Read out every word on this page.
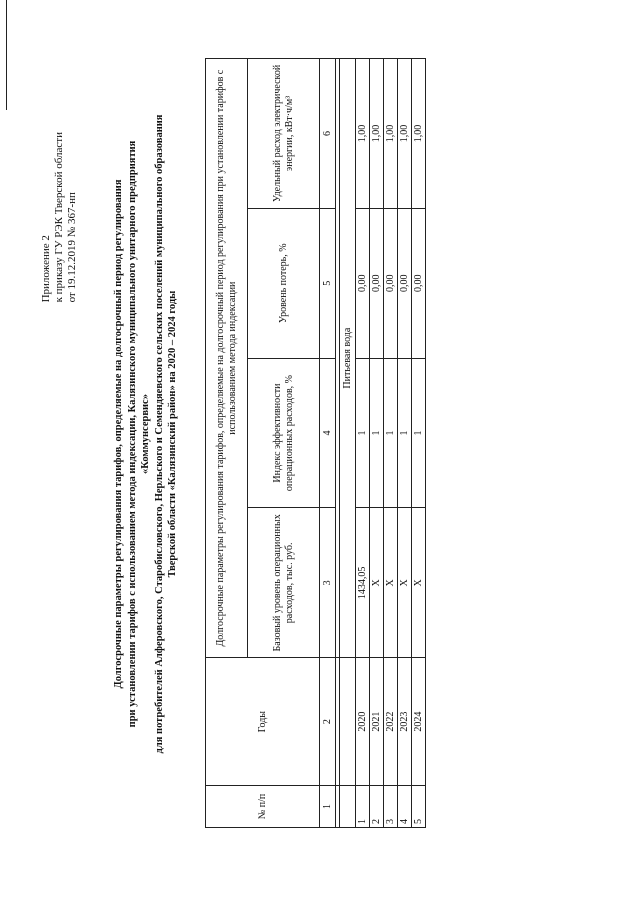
Приложение 2 к приказу ГУ РЭК Тверской области от 19.12.2019 № 367-нп	Долгосрочные параметры регулирования тарифов, определяемые на долгосрочный период регулирования при установлении тарифов с использованием метода индексации, Калязинского муниципального унитарного предприятия «Коммунсервис» для потребителей Алферовского, Старобисловского, Нерльского и Семендяевского сельских поселений муниципального образования Тверской области «Калязинский район» на 2020 – 2024 годы
№ п/п	Годы	Долгосрочные параметры регулирования тарифов, определяемые на долгосрочный период регулирования при установлении тарифов с использованием метода индексации			
		Базовый уровень операционных расходов, тыс. руб.	Индекс эффективности операционных расходов, %	Уровень потерь, %	Удельный расход электрической энергии, кВт·ч/м³
1	2	3	4	5	6

		Питьевая вода			
1	2020	1434,05	1	0,00	1,00
2	2021	X	1	0,00	1,00
3	2022	X	1	0,00	1,00
4	2023	X	1	0,00	1,00
5	2024	X	1	0,00	1,00
